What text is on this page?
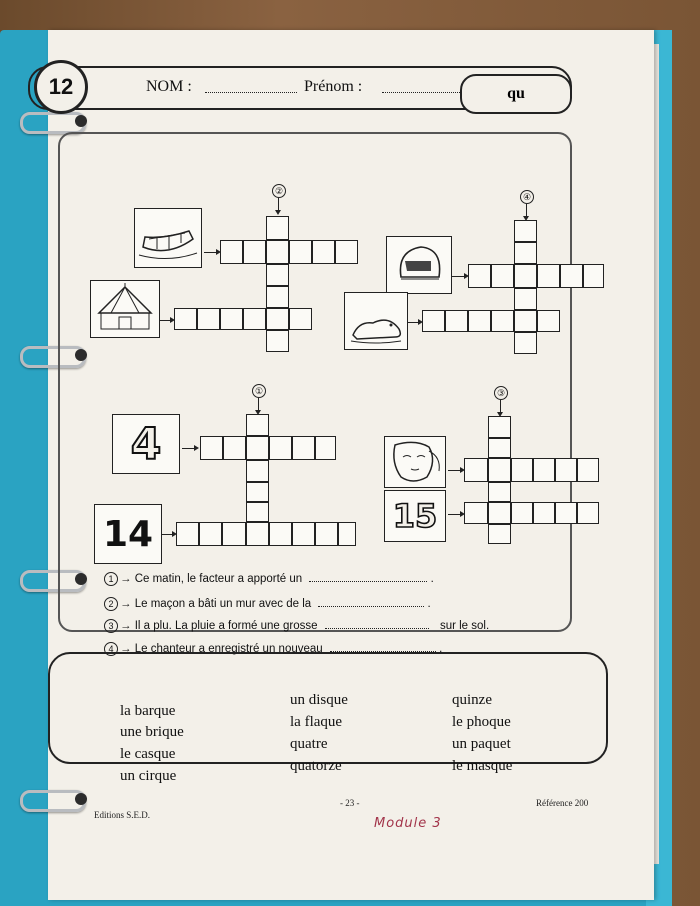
12	NOM :	Prénom :	qu
②
④
①
4
14
③
15
1 → Ce matin, le facteur a apporté un	.
2 → Le maçon a bâti un mur avec de la	.
3 → Il a plu. La pluie a formé une grosse	sur le sol.
4 → Le chanteur a enregistré un nouveau	.
la barque
une brique
le casque
un cirque
un disque
la flaque
quatre
quatorze
quinze
le phoque
un paquet
le masque
Editions S.E.D.
- 23 -	Référence 200
Module 3
